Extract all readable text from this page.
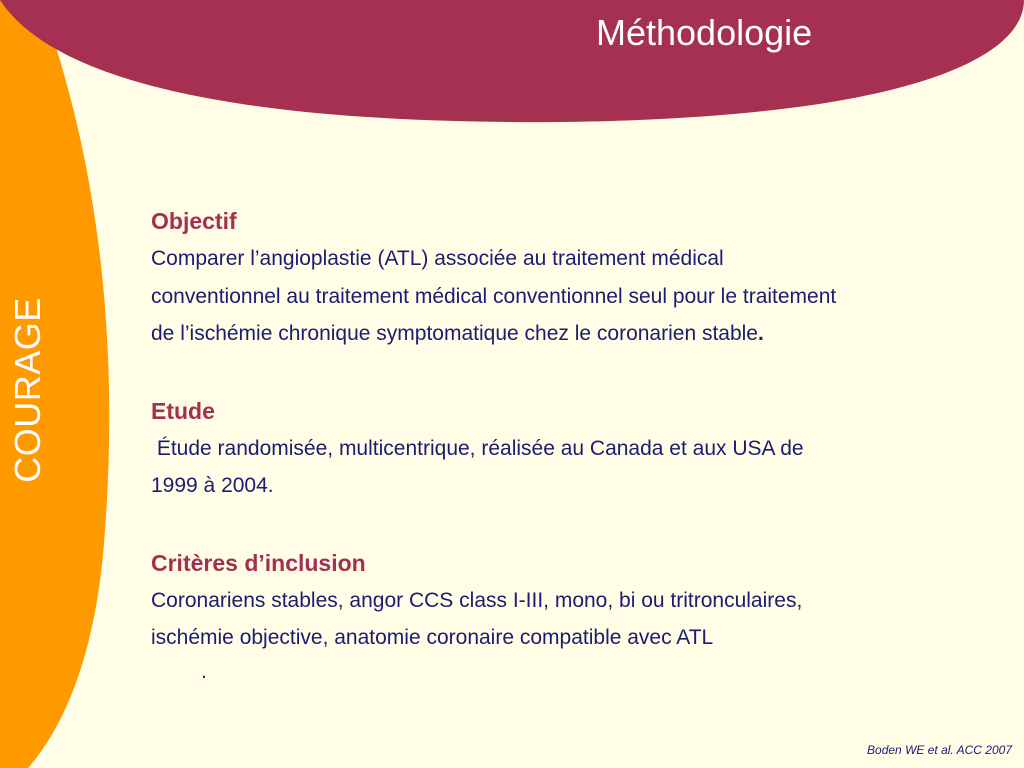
COURAGE
Méthodologie
Objectif
Comparer l’angioplastie (ATL) associée au traitement médical
conventionnel au traitement médical conventionnel seul pour le traitement
de l’ischémie chronique symptomatique chez le coronarien stable.
Etude
Étude randomisée, multicentrique, réalisée au Canada et aux USA de
1999 à 2004.
Critères d’inclusion
Coronariens stables, angor CCS class I-III, mono, bi ou tritronculaires,
ischémie objective, anatomie coronaire compatible avec ATL
.
Boden WE et al. ACC 2007
